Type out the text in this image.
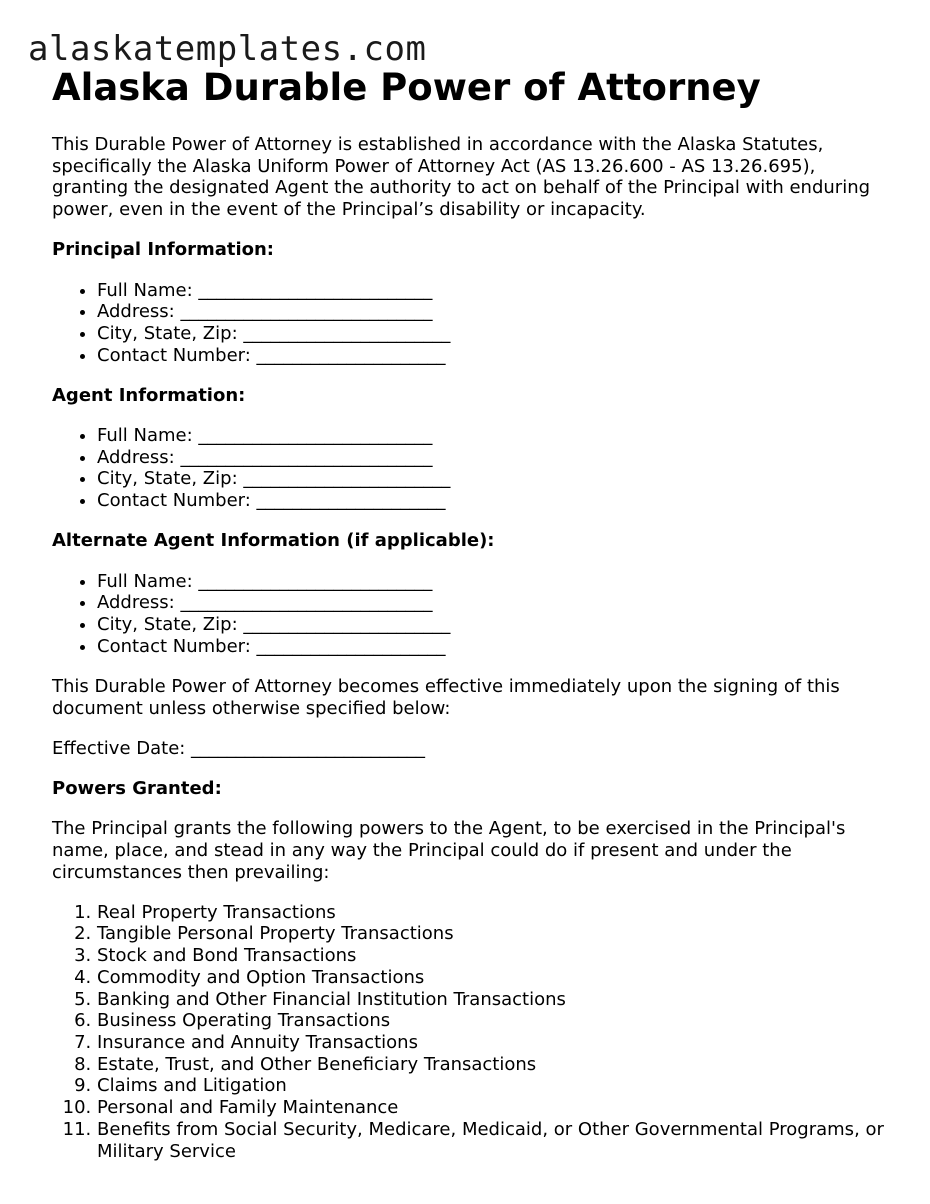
alaskatemplates.com
Alaska Durable Power of Attorney

This Durable Power of Attorney is established in accordance with the Alaska Statutes, specifically the Alaska Uniform Power of Attorney Act (AS 13.26.600 - AS 13.26.695), granting the designated Agent the authority to act on behalf of the Principal with enduring power, even in the event of the Principal’s disability or incapacity.

Principal Information:

• Full Name: __________________________
• Address: ____________________________
• City, State, Zip: _______________________
• Contact Number: _____________________

Agent Information:

• Full Name: __________________________
• Address: ____________________________
• City, State, Zip: _______________________
• Contact Number: _____________________

Alternate Agent Information (if applicable):

• Full Name: __________________________
• Address: ____________________________
• City, State, Zip: _______________________
• Contact Number: _____________________

This Durable Power of Attorney becomes effective immediately upon the signing of this document unless otherwise specified below:

Effective Date: __________________________

Powers Granted:

The Principal grants the following powers to the Agent, to be exercised in the Principal's name, place, and stead in any way the Principal could do if present and under the circumstances then prevailing:

1. Real Property Transactions
2. Tangible Personal Property Transactions
3. Stock and Bond Transactions
4. Commodity and Option Transactions
5. Banking and Other Financial Institution Transactions
6. Business Operating Transactions
7. Insurance and Annuity Transactions
8. Estate, Trust, and Other Beneficiary Transactions
9. Claims and Litigation
10. Personal and Family Maintenance
11. Benefits from Social Security, Medicare, Medicaid, or Other Governmental Programs, or Military Service
